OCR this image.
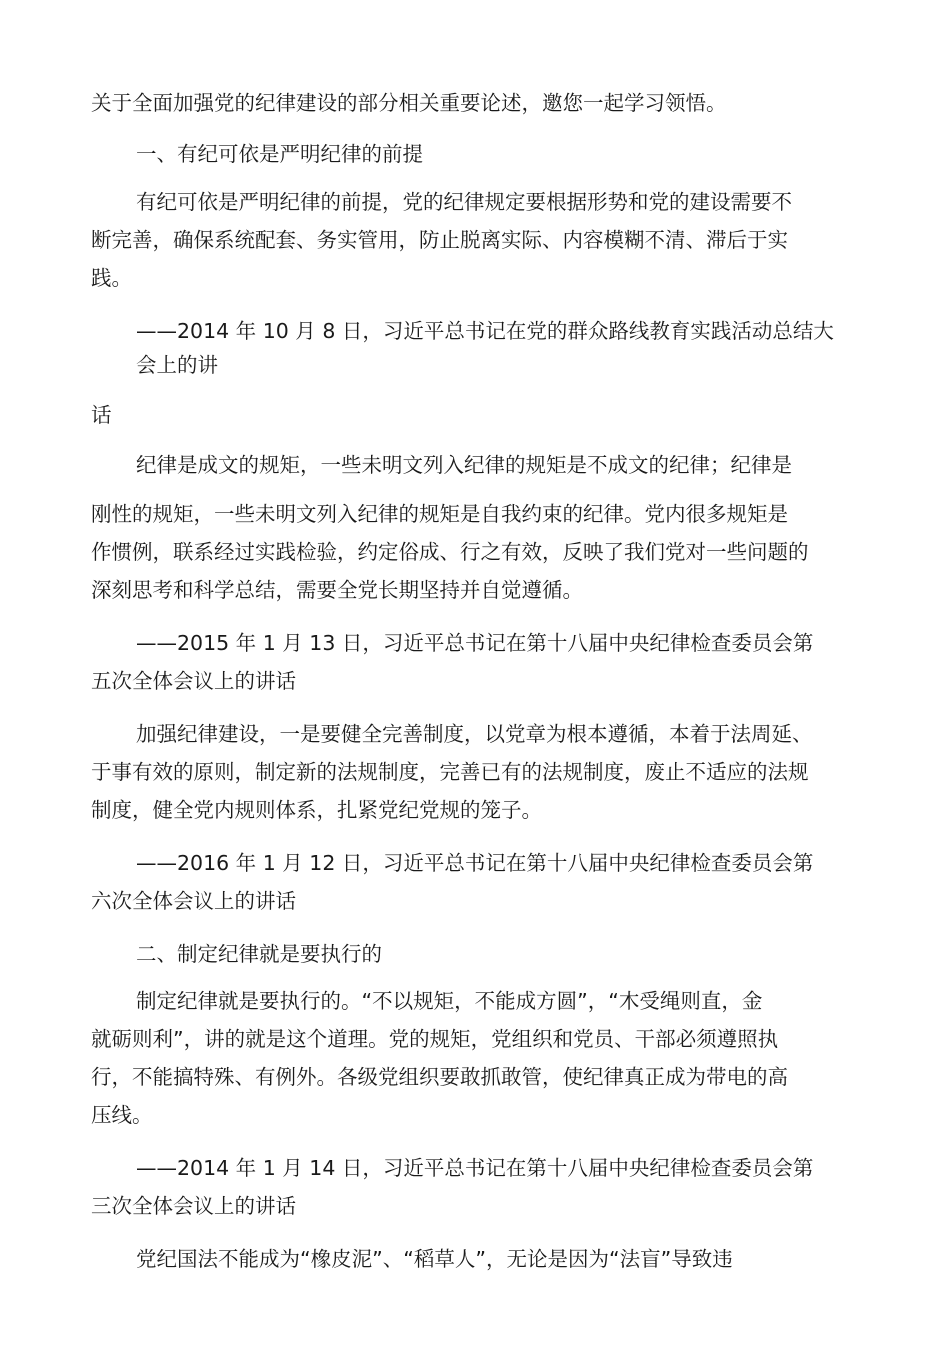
关于全面加强党的纪律建设的部分相关重要论述，邀您一起学习领悟。

一、有纪可依是严明纪律的前提

有纪可依是严明纪律的前提，党的纪律规定要根据形势和党的建设需要不

断完善，确保系统配套、务实管用，防止脱离实际、内容模糊不清、滞后于实

践。

——2014 年 10 月 8 日，习近平总书记在党的群众路线教育实践活动总结大

会上的讲

话

纪律是成文的规矩，一些未明文列入纪律的规矩是不成文的纪律；纪律是

刚性的规矩，一些未明文列入纪律的规矩是自我约束的纪律。党内很多规矩是

作惯例，联系经过实践检验，约定俗成、行之有效，反映了我们党对一些问题的

深刻思考和科学总结，需要全党长期坚持并自觉遵循。

——2015 年 1 月 13 日，习近平总书记在第十八届中央纪律检查委员会第

五次全体会议上的讲话

加强纪律建设，一是要健全完善制度，以党章为根本遵循，本着于法周延、

于事有效的原则，制定新的法规制度，完善已有的法规制度，废止不适应的法规

制度，健全党内规则体系，扎紧党纪党规的笼子。

——2016 年 1 月 12 日，习近平总书记在第十八届中央纪律检查委员会第

六次全体会议上的讲话

二、制定纪律就是要执行的

制定纪律就是要执行的。“不以规矩，不能成方圆”，“木受绳则直，金

就砺则利”，讲的就是这个道理。党的规矩，党组织和党员、干部必须遵照执

行，不能搞特殊、有例外。各级党组织要敢抓敢管，使纪律真正成为带电的高

压线。

——2014 年 1 月 14 日，习近平总书记在第十八届中央纪律检查委员会第

三次全体会议上的讲话

党纪国法不能成为“橡皮泥”、“稻草人”，无论是因为“法盲”导致违
